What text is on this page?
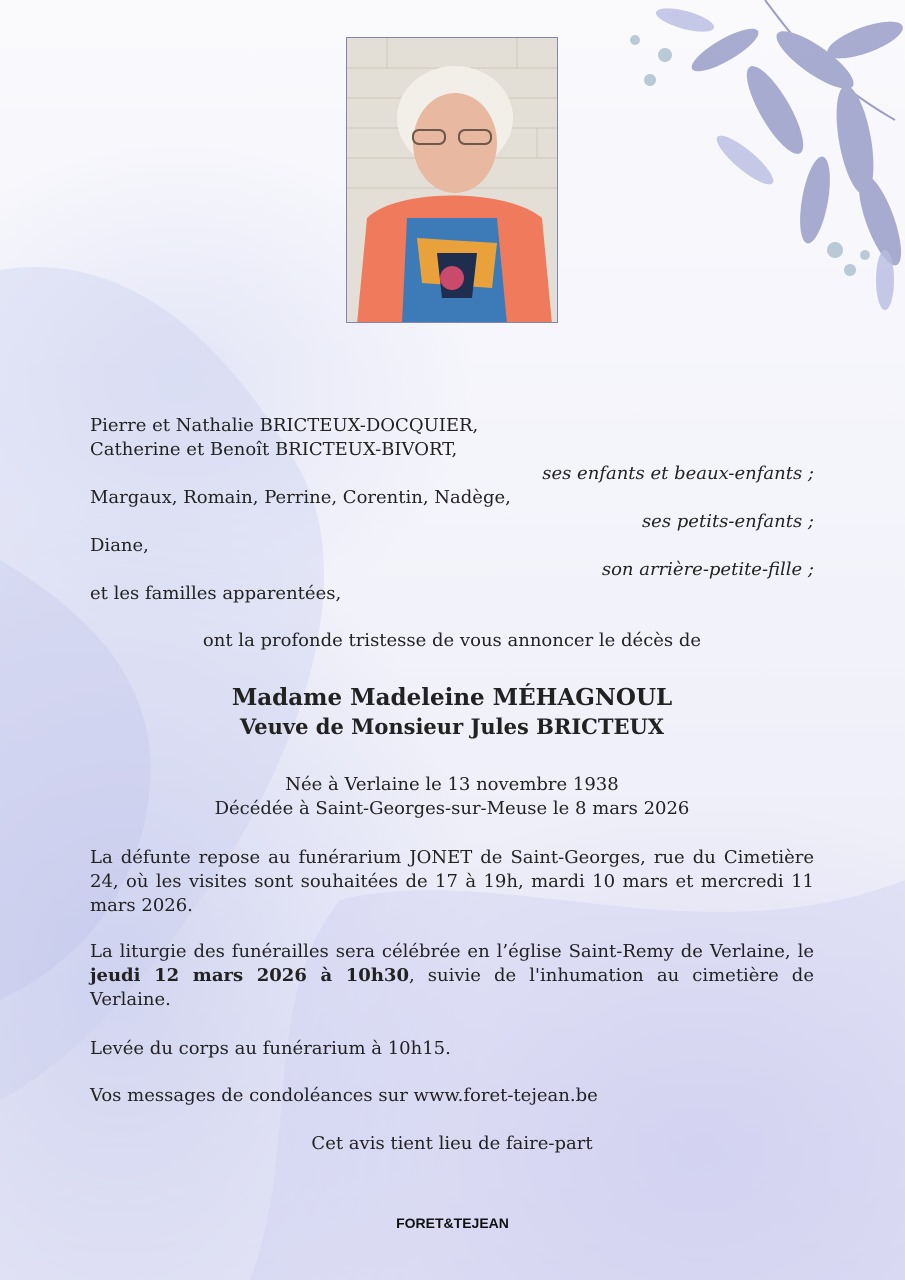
Pierre et Nathalie BRICTEUX-DOCQUIER,
Catherine et Benoît BRICTEUX-BIVORT,
ses enfants et beaux-enfants ;
Margaux, Romain, Perrine, Corentin, Nadège,
ses petits-enfants ;
Diane,
son arrière-petite-fille ;
et les familles apparentées,
ont la profonde tristesse de vous annoncer le décès de
Madame Madeleine MÉHAGNOUL
Veuve de Monsieur Jules BRICTEUX
Née à Verlaine le 13 novembre 1938
Décédée à Saint-Georges-sur-Meuse le 8 mars 2026
La défunte repose au funérarium JONET de Saint-Georges, rue du Cimetière 24, où les visites sont souhaitées de 17 à 19h, mardi 10 mars et mercredi 11 mars 2026.
La liturgie des funérailles sera célébrée en l’église Saint-Remy de Verlaine, le jeudi 12 mars 2026 à 10h30, suivie de l'inhumation au cimetière de Verlaine.
Levée du corps au funérarium à 10h15.
Vos messages de condoléances sur www.foret-tejean.be
Cet avis tient lieu de faire-part
FORET&TEJEAN
